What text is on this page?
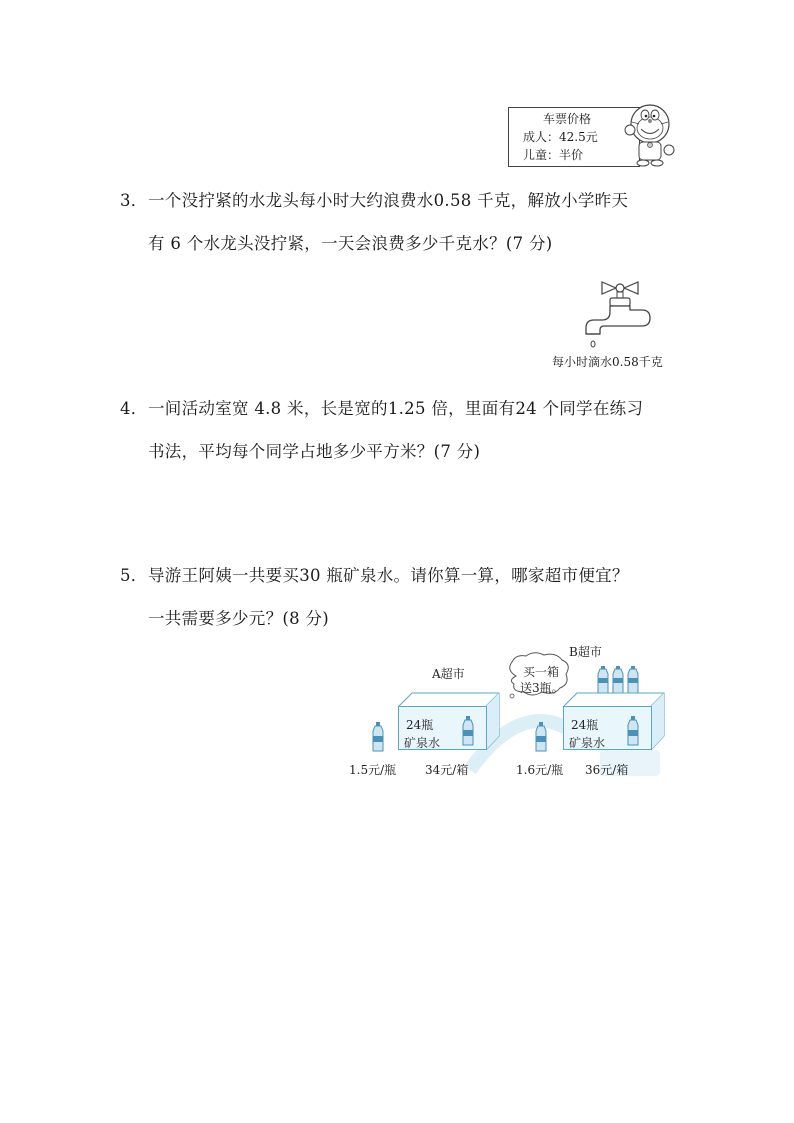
车票价格
成人：42.5元
儿童：半价
3． 一个没拧紧的水龙头每小时大约浪费水0.58 千克，解放小学昨天
有 6 个水龙头没拧紧，一天会浪费多少千克水？(7 分)
每小时滴水0.58千克
4． 一间活动室宽 4.8 米，长是宽的1.25 倍，里面有24 个同学在练习
书法，平均每个同学占地多少平方米？(7 分)
5． 导游王阿姨一共要买30 瓶矿泉水。请你算一算，哪家超市便宜？
一共需要多少元？(8 分)
A超市
24瓶
矿泉水
1.5元/瓶 34元/箱
B超市
买一箱
送3瓶。
24瓶
矿泉水
1.6元/瓶 36元/箱
